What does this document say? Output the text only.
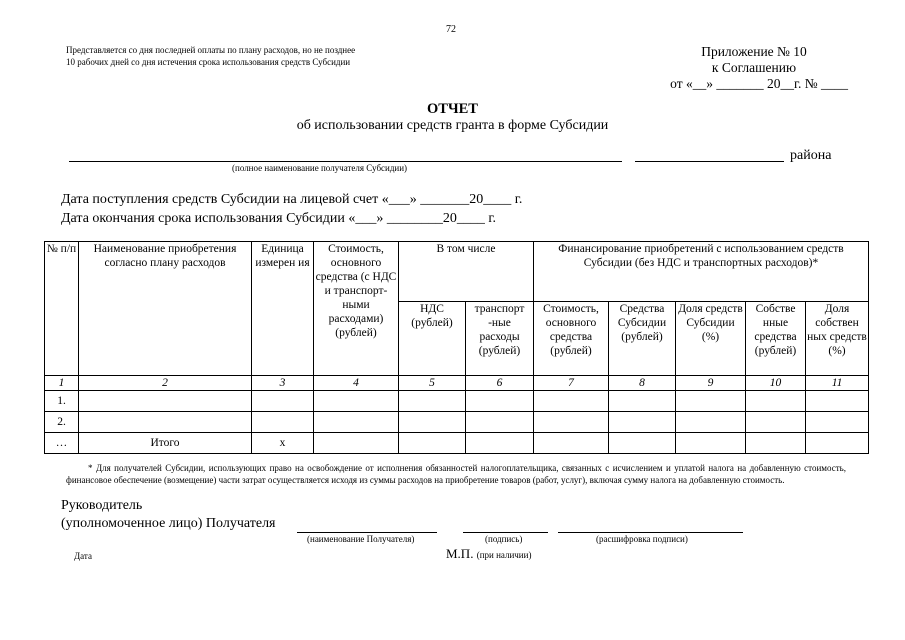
72
Представляется со дня последней оплаты по плану расходов, но не позднее 10 рабочих дней со дня истечения срока использования средств Субсидии
Приложение № 10
к Соглашению
от «__» _______ 20__г. № ____
ОТЧЕТ
об использовании средств гранта в форме Субсидии
района
(полное наименование получателя Субсидии)
Дата поступления средств Субсидии на лицевой счет «___» _______20____ г.
Дата окончания срока использования Субсидии «___» ________20____ г.
№ п/п	Наименование приобретения согласно плану расходов	Единица измерен ия	Стоимость, основного средства (с НДС и транспорт- ными расходами) (рублей)	В том числе		Финансирование приобретений с использованием средств Субсидии (без НДС и транспортных расходов)*				
				НДС (рублей)	транспорт -ные расходы (рублей)	Стоимость, основного средства (рублей)	Средства Субсидии (рублей)	Доля средств Субсидии (%)	Собстве нные средства (рублей)	Доля собствен ных средств (%)
1	2	3	4	5	6	7	8	9	10	11
1.										
2.										
…	Итого	х								
* Для получателей Субсидии, использующих право на освобождение от исполнения обязанностей налогоплательщика, связанных с исчислением и уплатой налога на добавленную стоимость, финансовое обеспечение (возмещение) части затрат осуществляется исходя из суммы расходов на приобретение товаров (работ, услуг), включая сумму налога на добавленную стоимость.
Руководитель
(уполномоченное лицо) Получателя
(наименование Получателя)	(подпись)	(расшифровка подписи)
Дата	М.П. (при наличии)
